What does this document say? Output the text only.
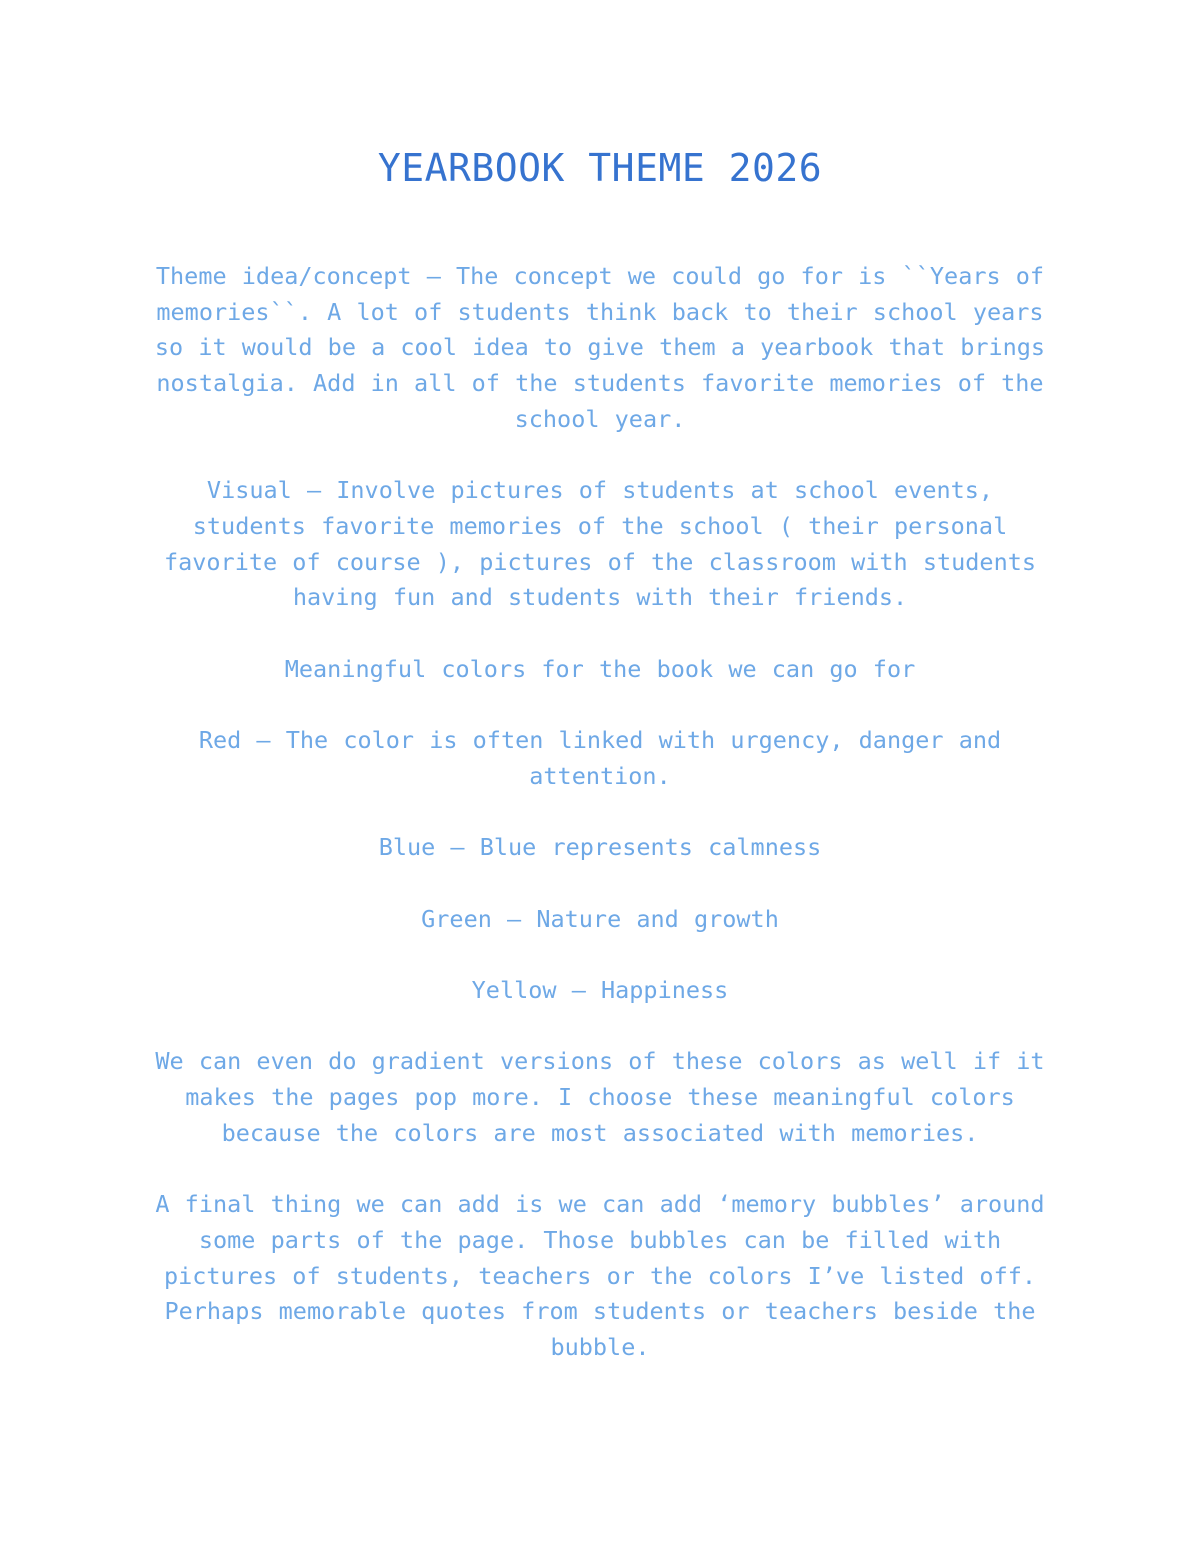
YEARBOOK THEME 2026

Theme idea/concept – The concept we could go for is ``Years of memories``. A lot of students think back to their school years so it would be a cool idea to give them a yearbook that brings nostalgia. Add in all of the students favorite memories of the school year.

Visual – Involve pictures of students at school events, students favorite memories of the school ( their personal favorite of course ), pictures of the classroom with students having fun and students with their friends.

Meaningful colors for the book we can go for

Red – The color is often linked with urgency, danger and attention.

Blue – Blue represents calmness

Green – Nature and growth

Yellow – Happiness

We can even do gradient versions of these colors as well if it makes the pages pop more. I choose these meaningful colors because the colors are most associated with memories.

A final thing we can add is we can add ‘memory bubbles’ around some parts of the page. Those bubbles can be filled with pictures of students, teachers or the colors I’ve listed off. Perhaps memorable quotes from students or teachers beside the bubble.
